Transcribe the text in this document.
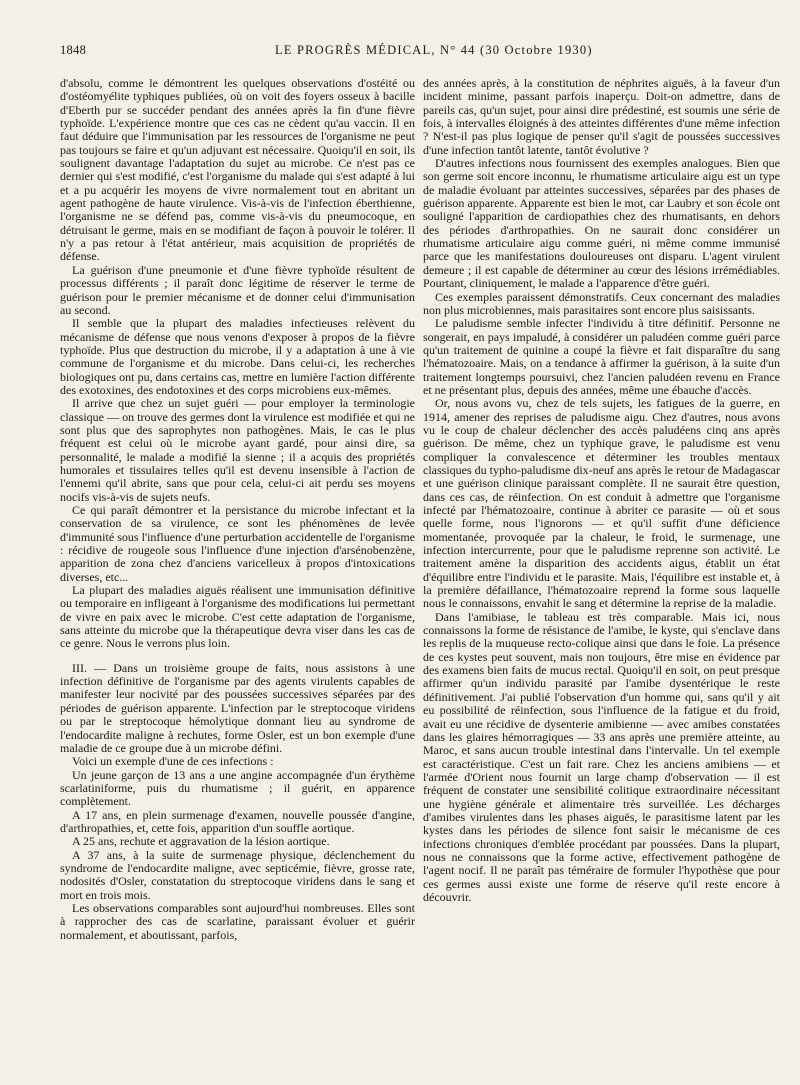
1848	LE PROGRÈS MÉDICAL, N° 44 (30 Octobre 1930)

d'absolu, comme le démontrent les quelques observations d'ostéité ou d'ostéomyélite typhiques publiées, où on voit des foyers osseux à bacille d'Eberth pur se succéder pendant des années après la fin d'une fièvre typhoïde. L'expérience montre que ces cas ne cèdent qu'au vaccin. Il en faut déduire que l'immunisation par les ressources de l'organisme ne peut pas toujours se faire et qu'un adjuvant est nécessaire. Quoiqu'il en soit, ils soulignent davantage l'adaptation du sujet au microbe. Ce n'est pas ce dernier qui s'est modifié, c'est l'organisme du malade qui s'est adapté à lui et a pu acquérir les moyens de vivre normalement tout en abritant un agent pathogène de haute virulence. Vis-à-vis de l'infection éberthienne, l'organisme ne se défend pas, comme vis-à-vis du pneumocoque, en détruisant le germe, mais en se modifiant de façon à pouvoir le tolérer. Il n'y a pas retour à l'état antérieur, mais acquisition de propriétés de défense.

La guérison d'une pneumonie et d'une fièvre typhoïde résultent de processus différents ; il paraît donc légitime de réserver le terme de guérison pour le premier mécanisme et de donner celui d'immunisation au second.

Il semble que la plupart des maladies infectieuses relèvent du mécanisme de défense que nous venons d'exposer à propos de la fièvre typhoïde. Plus que destruction du microbe, il y a adaptation à une à vie commune de l'organisme et du microbe. Dans celui-ci, les recherches biologiques ont pu, dans certains cas, mettre en lumière l'action différente des exotoxines, des endotoxines et des corps microbiens eux-mêmes.

Il arrive que chez un sujet guéri — pour employer la terminologie classique — on trouve des germes dont la virulence est modifiée et qui ne sont plus que des saprophytes non pathogènes. Mais, le cas le plus fréquent est celui où le microbe ayant gardé, pour ainsi dire, sa personnalité, le malade a modifié la sienne ; il a acquis des propriétés humorales et tissulaires telles qu'il est devenu insensible à l'action de l'ennemi qu'il abrite, sans que pour cela, celui-ci ait perdu ses moyens nocifs vis-à-vis de sujets neufs.

Ce qui paraît démontrer et la persistance du microbe infectant et la conservation de sa virulence, ce sont les phénomènes de levée d'immunité sous l'influence d'une perturbation accidentelle de l'organisme : récidive de rougeole sous l'influence d'une injection d'arsénobenzène, apparition de zona chez d'anciens varicelleux à propos d'intoxications diverses, etc...

La plupart des maladies aiguës réalisent une immunisation définitive ou temporaire en infligeant à l'organisme des modifications lui permettant de vivre en paix avec le microbe. C'est cette adaptation de l'organisme, sans atteinte du microbe que la thérapeutique devra viser dans les cas de ce genre. Nous le verrons plus loin.

III. — Dans un troisième groupe de faits, nous assistons à une infection définitive de l'organisme par des agents virulents capables de manifester leur nocivité par des poussées successives séparées par des périodes de guérison apparente. L'infection par le streptocoque viridens ou par le streptocoque hémolytique donnant lieu au syndrome de l'endocardite maligne à rechutes, forme Osler, est un bon exemple d'une maladie de ce groupe due à un microbe défini.

Voici un exemple d'une de ces infections :

Un jeune garçon de 13 ans a une angine accompagnée d'un érythème scarlatiniforme, puis du rhumatisme ; il guérit, en apparence complètement.

A 17 ans, en plein surmenage d'examen, nouvelle poussée d'angine, d'arthropathies, et, cette fois, apparition d'un souffle aortique.

A 25 ans, rechute et aggravation de la lésion aortique.

A 37 ans, à la suite de surmenage physique, déclenchement du syndrome de l'endocardite maligne, avec septicémie, fièvre, grosse rate, nodosités d'Osler, constatation du streptocoque viridens dans le sang et mort en trois mois.

Les observations comparables sont aujourd'hui nombreuses. Elles sont à rapprocher des cas de scarlatine, paraissant évoluer et guérir normalement, et aboutissant, parfois,

des années après, à la constitution de néphrites aiguës, à la faveur d'un incident minime, passant parfois inaperçu. Doit-on admettre, dans de pareils cas, qu'un sujet, pour ainsi dire prédestiné, est soumis une série de fois, à intervalles éloignés à des atteintes différentes d'une même infection ? N'est-il pas plus logique de penser qu'il s'agit de poussées successives d'une infection tantôt latente, tantôt évolutive ?

D'autres infections nous fournissent des exemples analogues. Bien que son germe soit encore inconnu, le rhumatisme articulaire aigu est un type de maladie évoluant par atteintes successives, séparées par des phases de guérison apparente. Apparente est bien le mot, car Laubry et son école ont souligné l'apparition de cardiopathies chez des rhumatisants, en dehors des périodes d'arthropathies. On ne saurait donc considérer un rhumatisme articulaire aigu comme guéri, ni même comme immunisé parce que les manifestations douloureuses ont disparu. L'agent virulent demeure ; il est capable de déterminer au cœur des lésions irrémédiables. Pourtant, cliniquement, le malade a l'apparence d'être guéri.

Ces exemples paraissent démonstratifs. Ceux concernant des maladies non plus microbiennes, mais parasitaires sont encore plus saisissants.

Le paludisme semble infecter l'individu à titre définitif. Personne ne songerait, en pays impaludé, à considérer un paludéen comme guéri parce qu'un traitement de quinine a coupé la fièvre et fait disparaître du sang l'hématozoaire. Mais, on a tendance à affirmer la guérison, à la suite d'un traitement longtemps poursuivi, chez l'ancien paludéen revenu en France et ne présentant plus, depuis des années, même une ébauche d'accès.

Or, nous avons vu, chez de tels sujets, les fatigues de la guerre, en 1914, amener des reprises de paludisme aigu. Chez d'autres, nous avons vu le coup de chaleur déclencher des accès paludéens cinq ans après guérison. De même, chez un typhique grave, le paludisme est venu compliquer la convalescence et déterminer les troubles mentaux classiques du typho-paludisme dix-neuf ans après le retour de Madagascar et une guérison clinique paraissant complète. Il ne saurait être question, dans ces cas, de réinfection. On est conduit à admettre que l'organisme infecté par l'hématozoaire, continue à abriter ce parasite — où et sous quelle forme, nous l'ignorons — et qu'il suffit d'une déficience momentanée, provoquée par la chaleur, le froid, le surmenage, une infection intercurrente, pour que le paludisme reprenne son activité. Le traitement amène la disparition des accidents aigus, établit un état d'équilibre entre l'individu et le parasite. Mais, l'équilibre est instable et, à la première défaillance, l'hématozoaire reprend la forme sous laquelle nous le connaissons, envahit le sang et détermine la reprise de la maladie.

Dans l'amibiase, le tableau est très comparable. Mais ici, nous connaissons la forme de résistance de l'amibe, le kyste, qui s'enclave dans les replis de la muqueuse recto-colique ainsi que dans le foie. La présence de ces kystes peut souvent, mais non toujours, être mise en évidence par des examens bien faits de mucus rectal. Quoiqu'il en soit, on peut presque affirmer qu'un individu parasité par l'amibe dysentérique le reste définitivement. J'ai publié l'observation d'un homme qui, sans qu'il y ait eu possibilité de réinfection, sous l'influence de la fatigue et du froid, avait eu une récidive de dysenterie amibienne — avec amibes constatées dans les glaires hémorragiques — 33 ans après une première atteinte, au Maroc, et sans aucun trouble intestinal dans l'intervalle. Un tel exemple est caractéristique. C'est un fait rare. Chez les anciens amibiens — et l'armée d'Orient nous fournit un large champ d'observation — il est fréquent de constater une sensibilité colitique extraordinaire nécessitant une hygiène générale et alimentaire très surveillée. Les décharges d'amibes virulentes dans les phases aiguës, le parasitisme latent par les kystes dans les périodes de silence font saisir le mécanisme de ces infections chroniques d'emblée procédant par poussées. Dans la plupart, nous ne connaissons que la forme active, effectivement pathogène de l'agent nocif. Il ne paraît pas téméraire de formuler l'hypothèse que pour ces germes aussi existe une forme de réserve qu'il reste encore à découvrir.
